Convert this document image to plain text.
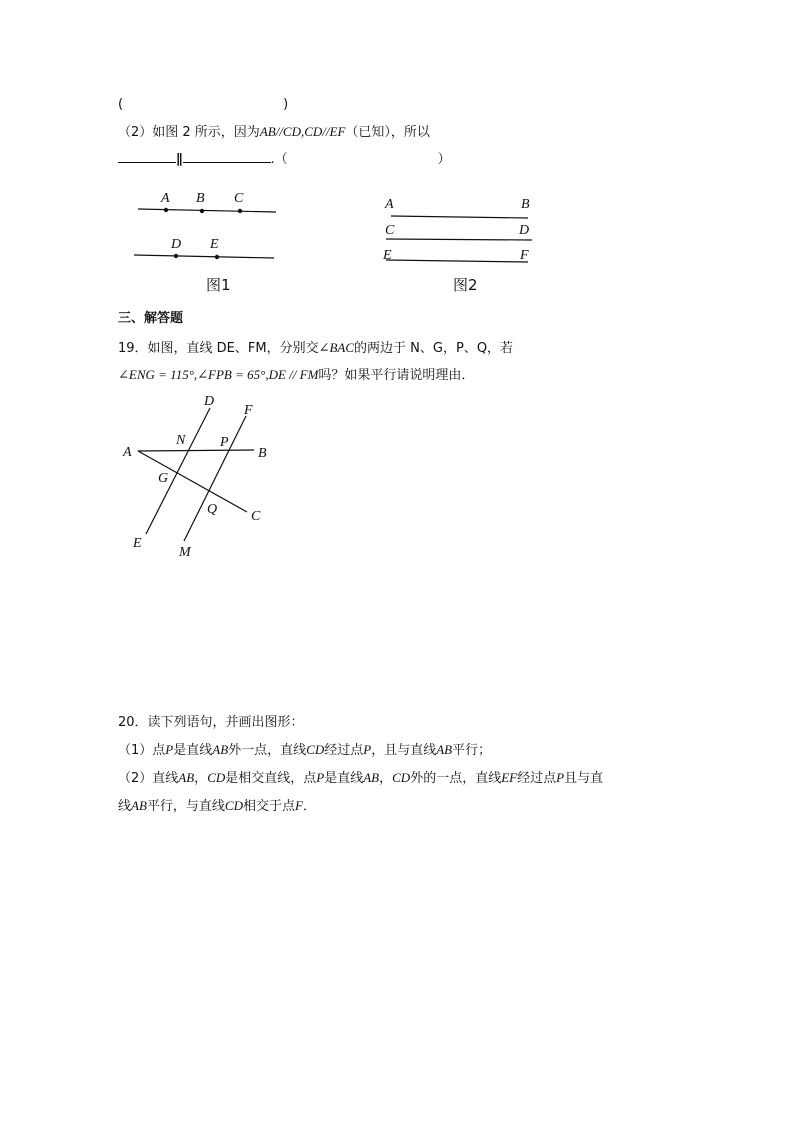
(	)
（2）如图 2 所示，因为AB//CD,CD//EF（已知），所以
∥	.（	）
A B C
D E
图1
A
C
E
B
D
F
图2
D
F
N P
A	B
G
Q C
E
M
三、解答题
19．如图，直线 DE、FM，分别交∠BAC的两边于 N、G，P、Q，若
∠ENG = 115°,∠FPB = 65°,DE // FM吗？如果平行请说明理由．
20．读下列语句，并画出图形：
（1）点P是直线AB外一点，直线CD经过点P，且与直线AB平行；
（2）直线AB，CD是相交直线，点P是直线AB，CD外的一点，直线EF经过点P且与直
线AB平行，与直线CD相交于点F．
